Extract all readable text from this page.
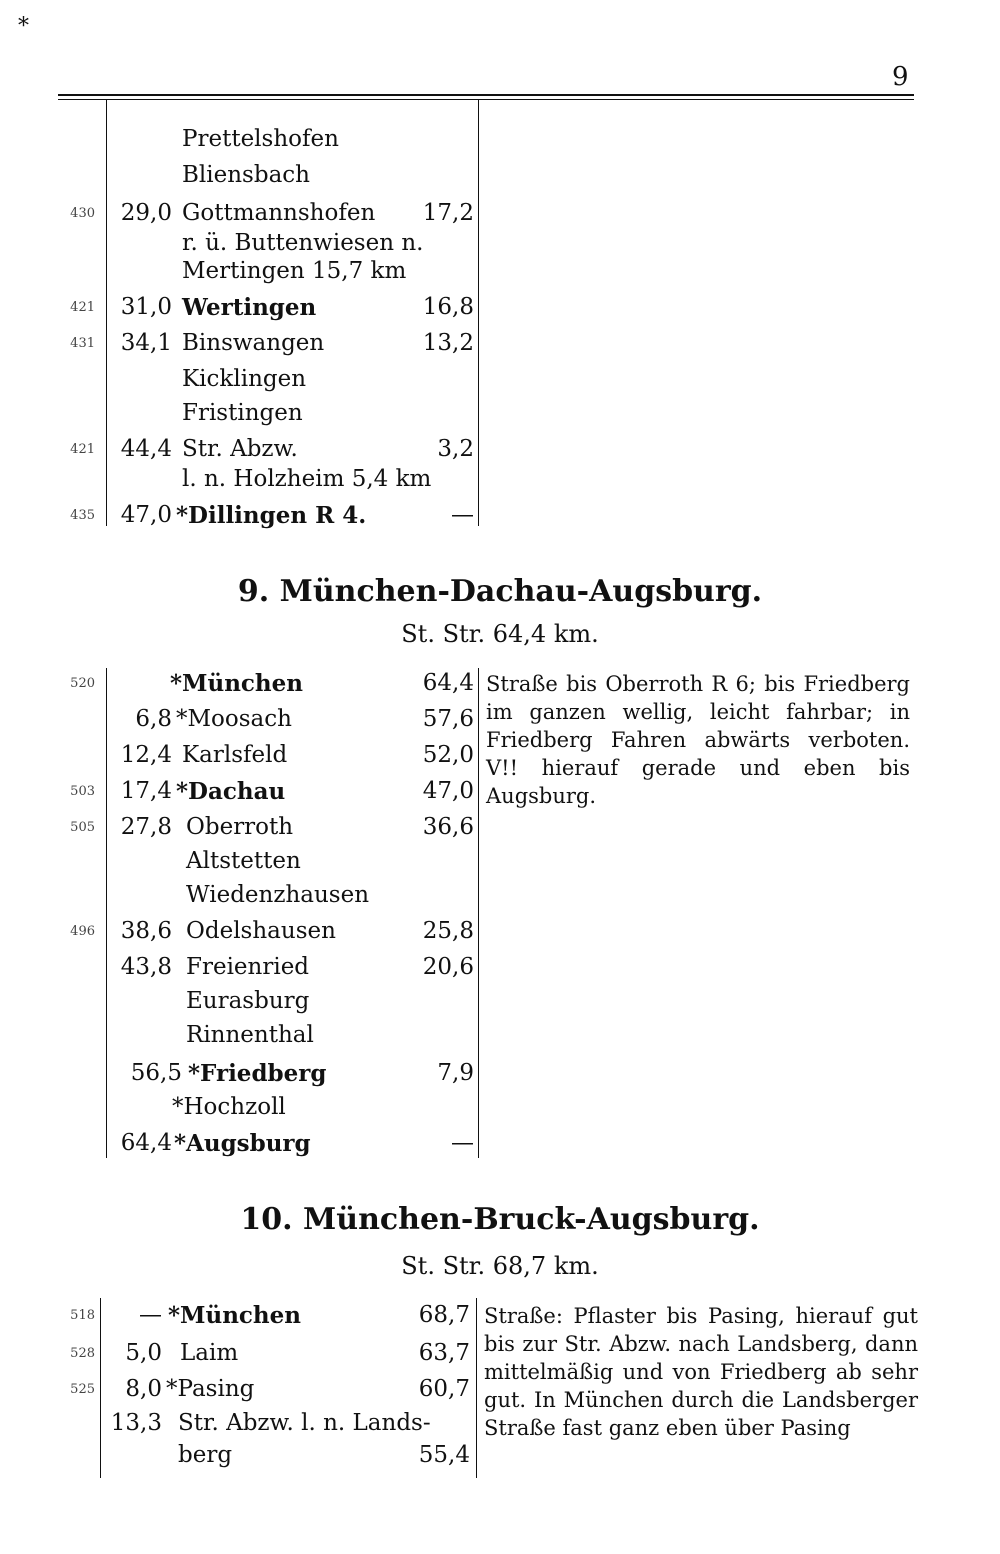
*
9
Prettelshofen
Bliensbach
430	29,0 Gottmannshofen	17,2
r. ü. Buttenwiesen n.
Mertingen 15,7 km
421	31,0 Wertingen	16,8
431	34,1 Binswangen	13,2
Kicklingen
Fristingen
421	44,4 Str. Abzw.	3,2
l. n. Holzheim 5,4 km
435	47,0 *Dillingen R 4.	—
9. München-Dachau-Augsburg.
St. Str. 64,4 km.
520	*München	64,4
6,8 *Moosach	57,6
12,4 Karlsfeld	52,0
503	17,4 *Dachau	47,0
505	27,8 Oberroth	36,6
Altstetten
Wiedenzhausen
496	38,6 Odelshausen	25,8
43,8 Freienried	20,6
Eurasburg
Rinnenthal
56,5 *Friedberg	7,9
*Hochzoll
64,4 *Augsburg	—
Straße bis Oberroth R 6; bis Friedberg im ganzen wellig, leicht fahrbar; in Friedberg Fahren abwärts verboten. V!! hierauf gerade und eben bis Augsburg.
10. München-Bruck-Augsburg.
St. Str. 68,7 km.
518	— *München	68,7
528	5,0 Laim	63,7
525	8,0 *Pasing	60,7
13,3 Str. Abzw. l. n. Lands-
berg	55,4
Straße: Pflaster bis Pasing, hierauf gut bis zur Str. Abzw. nach Landsberg, dann mittelmäßig und von Friedberg ab sehr gut. In München durch die Landsberger Straße fast ganz eben über Pasing
